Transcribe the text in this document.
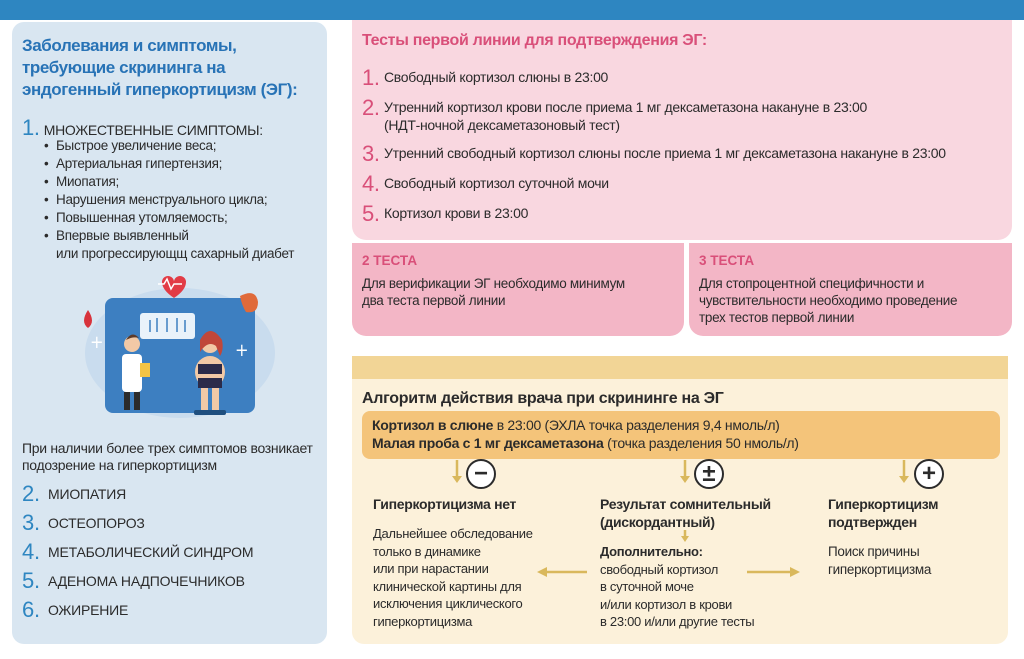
Заболевания и симптомы, требующие скрининга на эндогенный гиперкортицизм (ЭГ):
1. МНОЖЕСТВЕННЫЕ СИМПТОМЫ:
• Быстрое увеличение веса;
• Артериальная гипертензия;
• Миопатия;
• Нарушения менструального цикла;
• Повышенная утомляемость;
• Впервые выявленный
или прогрессирующщ сахарный диабет
+	+
При наличии более трех симптомов возникает подозрение на гиперкортицизм
2. МИОПАТИЯ
3. ОСТЕОПОРОЗ
4. МЕТАБОЛИЧЕСКИЙ СИНДРОМ
5. АДЕНОМА НАДПОЧЕЧНИКОВ
6. ОЖИРЕНИЕ
Тесты первой линии для подтверждения ЭГ:
1. Свободный кортизол слюны в 23:00
2. Утренний кортизол крови после приема 1 мг дексаметазона накануне в 23:00
(НДТ-ночной дексаметазоновый тест)
3. Утренний свободный кортизол слюны после приема 1 мг дексаметазона накануне в 23:00
4. Свободный кортизол суточной мочи
5. Кортизол крови в 23:00
2 ТЕСТА
Для верификации ЭГ необходимо минимум два теста первой линии
3 ТЕСТА
Для стопроцентной специфичности и чувствительности необходимо проведение трех тестов первой линии
Алгоритм действия врача при скрининге на ЭГ
Кортизол в слюне в 23:00 (ЭХЛА точка разделения 9,4 нмоль/л)
Малая проба с 1 мг дексаметазона (точка разделения 50 нмоль/л)
−	±	+
Гиперкортицизма нет
Дальнейшее обследование
только в динамике
или при нарастании
клинической картины для
исключения циклического
гиперкортицизма
Результат сомнительный
(дискордантный)
Дополнительно:
свободный кортизол
в суточной моче
и/или кортизол в крови
в 23:00 и/или другие тесты
Гиперкортицизм
подтвержден
Поиск причины
гиперкортицизма
